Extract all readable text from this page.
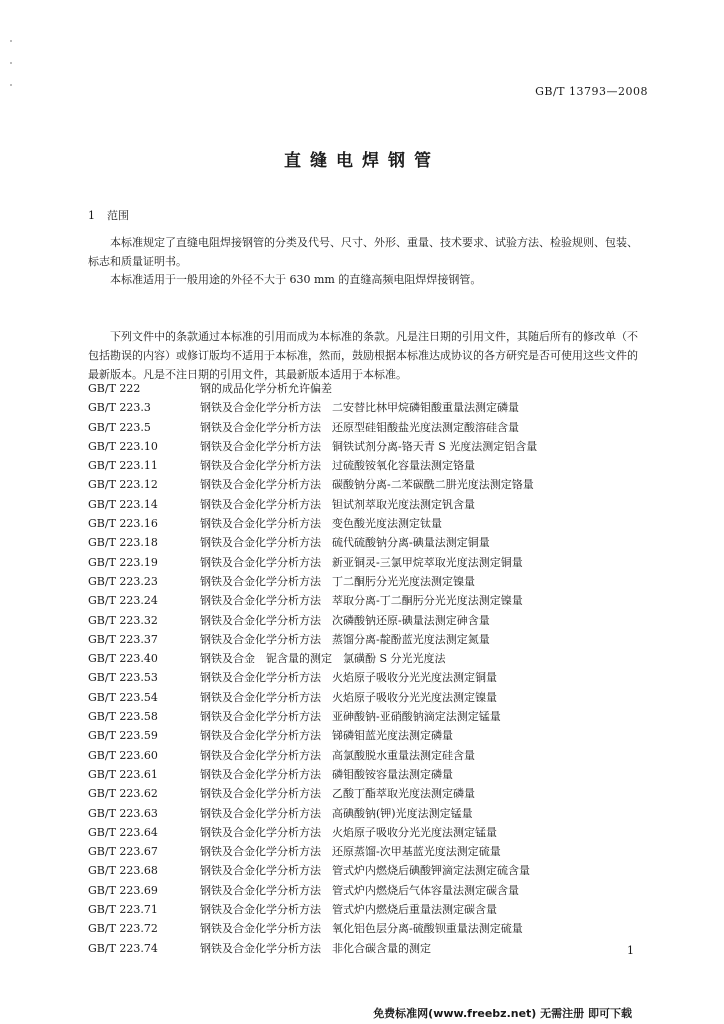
GB/T 13793—2008
直缝电焊钢管
1 范围
本标准规定了直缝电阻焊接钢管的分类及代号、尺寸、外形、重量、技术要求、试验方法、检验规则、包装、标志和质量证明书。
本标准适用于一般用途的外径不大于 630 mm 的直缝高频电阻焊焊接钢管。
下列文件中的条款通过本标准的引用而成为本标准的条款。凡是注日期的引用文件，其随后所有的修改单（不包括勘误的内容）或修订版均不适用于本标准，然而，鼓励根据本标准达成协议的各方研究是否可使用这些文件的最新版本。凡是不注日期的引用文件，其最新版本适用于本标准。
GB/T 222	钢的成品化学分析允许偏差
GB/T 223.3	钢铁及合金化学分析方法　二安替比林甲烷磷钼酸重量法测定磷量
GB/T 223.5	钢铁及合金化学分析方法　还原型硅钼酸盐光度法测定酸溶硅含量
GB/T 223.10	钢铁及合金化学分析方法　铜铁试剂分离-铬天青 S 光度法测定铝含量
GB/T 223.11	钢铁及合金化学分析方法　过硫酸铵氧化容量法测定铬量
GB/T 223.12	钢铁及合金化学分析方法　碳酸钠分离-二苯碳酰二肼光度法测定铬量
GB/T 223.14	钢铁及合金化学分析方法　钽试剂萃取光度法测定钒含量
GB/T 223.16	钢铁及合金化学分析方法　变色酸光度法测定钛量
GB/T 223.18	钢铁及合金化学分析方法　硫代硫酸钠分离-碘量法测定铜量
GB/T 223.19	钢铁及合金化学分析方法　新亚铜灵-三氯甲烷萃取光度法测定铜量
GB/T 223.23	钢铁及合金化学分析方法　丁二酮肟分光光度法测定镍量
GB/T 223.24	钢铁及合金化学分析方法　萃取分离-丁二酮肟分光光度法测定镍量
GB/T 223.32	钢铁及合金化学分析方法　次磷酸钠还原-碘量法测定砷含量
GB/T 223.37	钢铁及合金化学分析方法　蒸馏分离-靛酚蓝光度法测定氮量
GB/T 223.40	钢铁及合金　铌含量的测定　氯磺酚 S 分光光度法
GB/T 223.53	钢铁及合金化学分析方法　火焰原子吸收分光光度法测定铜量
GB/T 223.54	钢铁及合金化学分析方法　火焰原子吸收分光光度法测定镍量
GB/T 223.58	钢铁及合金化学分析方法　亚砷酸钠-亚硝酸钠滴定法测定锰量
GB/T 223.59	钢铁及合金化学分析方法　锑磷钼蓝光度法测定磷量
GB/T 223.60	钢铁及合金化学分析方法　高氯酸脱水重量法测定硅含量
GB/T 223.61	钢铁及合金化学分析方法　磷钼酸铵容量法测定磷量
GB/T 223.62	钢铁及合金化学分析方法　乙酸丁酯萃取光度法测定磷量
GB/T 223.63	钢铁及合金化学分析方法　高碘酸钠(钾)光度法测定锰量
GB/T 223.64	钢铁及合金化学分析方法　火焰原子吸收分光光度法测定锰量
GB/T 223.67	钢铁及合金化学分析方法　还原蒸馏-次甲基蓝光度法测定硫量
GB/T 223.68	钢铁及合金化学分析方法　管式炉内燃烧后碘酸钾滴定法测定硫含量
GB/T 223.69	钢铁及合金化学分析方法　管式炉内燃烧后气体容量法测定碳含量
GB/T 223.71	钢铁及合金化学分析方法　管式炉内燃烧后重量法测定碳含量
GB/T 223.72	钢铁及合金化学分析方法　氧化铝色层分离-硫酸钡重量法测定硫量
GB/T 223.74	钢铁及合金化学分析方法　非化合碳含量的测定	1
免费标准网(www.freebz.net) 无需注册 即可下载
